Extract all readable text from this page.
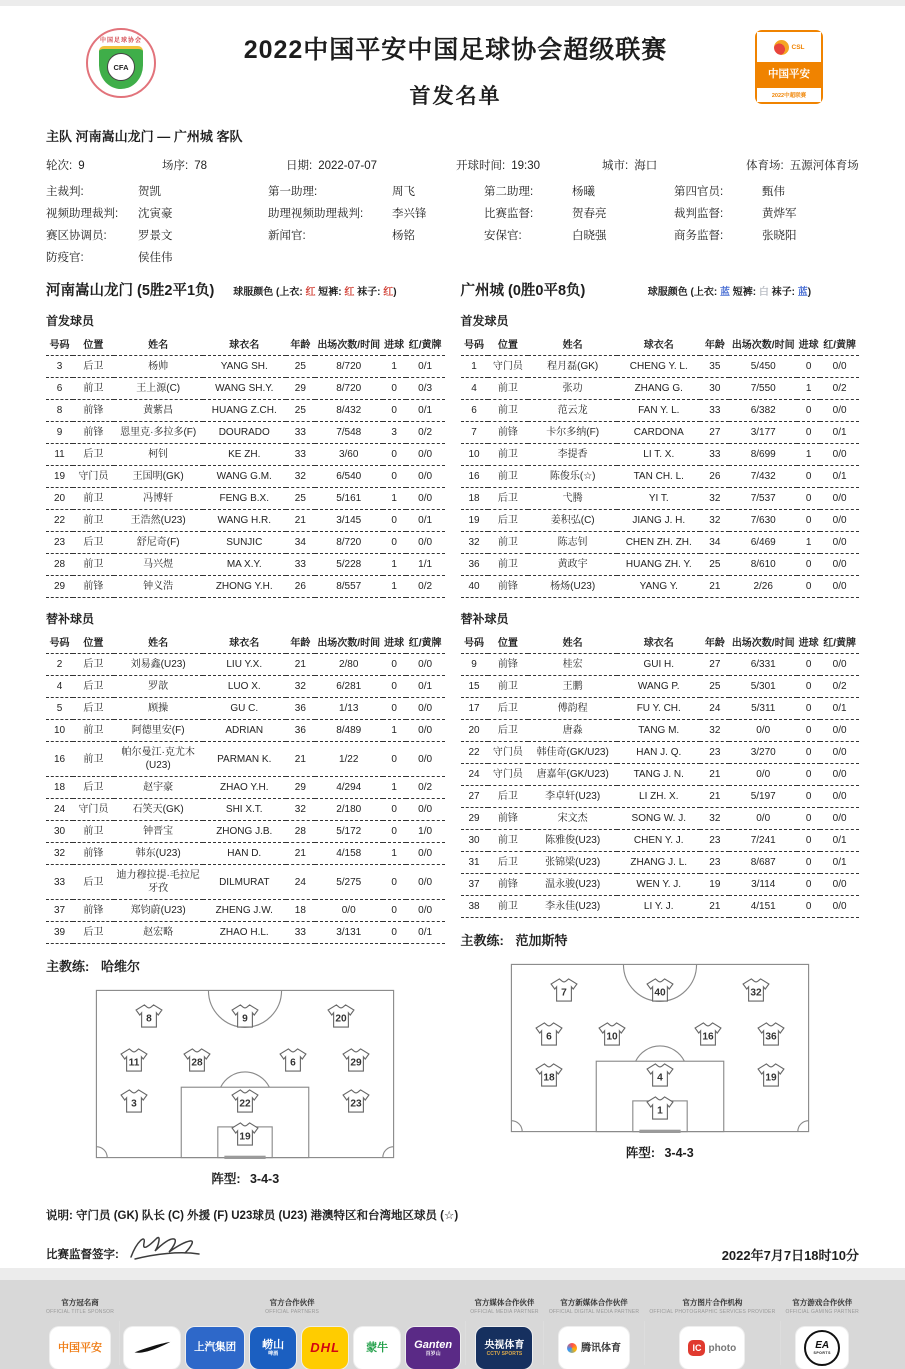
中国足球协会
CFA
2022中国平安中国足球协会超级联赛
首发名单
CSL
中国平安
2022中超联赛
主队 河南嵩山龙门 — 广州城 客队
轮次: 9	场序: 78	日期: 2022-07-07	开球时间: 19:30	城市: 海口	体育场: 五源河体育场
主裁判:	贺凯	第一助理:	周飞	第二助理:	杨曦	第四官员:	甄伟
视频助理裁判:	沈寅豪	助理视频助理裁判:	李兴锋	比赛监督:	贺春亮	裁判监督:	黄烨军
赛区协调员:	罗景文	新闻官:	杨铭	安保官:	白晓强	商务监督:	张晓阳
防疫官:	侯佳伟
河南嵩山龙门 (5胜2平1负)	球服颜色 (上衣: 红 短裤: 红 袜子: 红)
首发球员
号码	位置	姓名	球衣名	年龄	出场次数/时间	进球	红/黄牌
3	后卫	杨帅	YANG SH.	25	8/720	1	0/1
6	前卫	王上源(C)	WANG SH.Y.	29	8/720	0	0/3
8	前锋	黄紫昌	HUANG Z.CH.	25	8/432	0	0/1
9	前锋	恩里克·多拉多(F)	DOURADO	33	7/548	3	0/2
11	后卫	柯钊	KE ZH.	33	3/60	0	0/0
19	守门员	王国明(GK)	WANG G.M.	32	6/540	0	0/0
20	前卫	冯博轩	FENG B.X.	25	5/161	1	0/0
22	前卫	王浩然(U23)	WANG H.R.	21	3/145	0	0/1
23	后卫	舒尼奇(F)	SUNJIC	34	8/720	0	0/0
28	前卫	马兴煜	MA X.Y.	33	5/228	1	1/1
29	前锋	钟义浩	ZHONG Y.H.	26	8/557	1	0/2
替补球员
号码	位置	姓名	球衣名	年龄	出场次数/时间	进球	红/黄牌
2	后卫	刘易鑫(U23)	LIU Y.X.	21	2/80	0	0/0
4	后卫	罗歆	LUO X.	32	6/281	0	0/1
5	后卫	顾操	GU C.	36	1/13	0	0/0
10	前卫	阿德里安(F)	ADRIAN	36	8/489	1	0/0
16	前卫	帕尔曼江·克尤木(U23)	PARMAN K.	21	1/22	0	0/0
18	后卫	赵宇豪	ZHAO Y.H.	29	4/294	1	0/2
24	守门员	石笑天(GK)	SHI X.T.	32	2/180	0	0/0
30	前卫	钟晋宝	ZHONG J.B.	28	5/172	0	1/0
32	前锋	韩东(U23)	HAN D.	21	4/158	1	0/0
33	后卫	迪力穆拉提·毛拉尼牙孜	DILMURAT	24	5/275	0	0/0
37	前锋	郑钧蔚(U23)	ZHENG J.W.	18	0/0	0	0/0
39	后卫	赵宏略	ZHAO H.L.	33	3/131	0	0/1
主教练: 哈维尔
8	9	20
11	28	6	29
3	22	23
19
阵型: 3-4-3
广州城 (0胜0平8负)	球服颜色 (上衣: 蓝 短裤: 白 袜子: 蓝)
首发球员
号码	位置	姓名	球衣名	年龄	出场次数/时间	进球	红/黄牌
1	守门员	程月磊(GK)	CHENG Y. L.	35	5/450	0	0/0
4	前卫	张功	ZHANG G.	30	7/550	1	0/2
6	前卫	范云龙	FAN Y. L.	33	6/382	0	0/0
7	前锋	卡尔多纳(F)	CARDONA	27	3/177	0	0/1
10	前卫	李提香	LI T. X.	33	8/699	1	0/0
16	前卫	陈俊乐(☆)	TAN CH. L.	26	7/432	0	0/1
18	后卫	弋腾	YI T.	32	7/537	0	0/0
19	后卫	姜积弘(C)	JIANG J. H.	32	7/630	0	0/0
32	前卫	陈志钊	CHEN ZH. ZH.	34	6/469	1	0/0
36	前卫	黄政宇	HUANG ZH. Y.	25	8/610	0	0/0
40	前锋	杨炀(U23)	YANG Y.	21	2/26	0	0/0
替补球员
号码	位置	姓名	球衣名	年龄	出场次数/时间	进球	红/黄牌
9	前锋	桂宏	GUI H.	27	6/331	0	0/0
15	前卫	王鹏	WANG P.	25	5/301	0	0/2
17	后卫	傅韵程	FU Y. CH.	24	5/311	0	0/1
20	后卫	唐淼	TANG M.	32	0/0	0	0/0
22	守门员	韩佳奇(GK/U23)	HAN J. Q.	23	3/270	0	0/0
24	守门员	唐嘉年(GK/U23)	TANG J. N.	21	0/0	0	0/0
27	后卫	李卓轩(U23)	LI ZH. X.	21	5/197	0	0/0
29	前锋	宋文杰	SONG W. J.	32	0/0	0	0/0
30	前卫	陈雅俊(U23)	CHEN Y. J.	23	7/241	0	0/1
31	后卫	张锦梁(U23)	ZHANG J. L.	23	8/687	0	0/1
37	前锋	温永骏(U23)	WEN Y. J.	19	3/114	0	0/0
38	前卫	李永佳(U23)	LI Y. J.	21	4/151	0	0/0
主教练: 范加斯特
7	40	32
6	10	16	36
18	4	19
1
阵型: 3-4-3
说明: 守门员 (GK) 队长 (C) 外援 (F) U23球员 (U23) 港澳特区和台湾地区球员 (☆)
比赛监督签字:	2022年7月7日18时10分
官方冠名商
OFFICIAL TITLE SPONSOR
中国平安
官方合作伙伴
OFFICIAL PARTNERS
上汽集团 崂山
啤酒 DHL 蒙牛 Ganten
百岁山
官方媒体合作伙伴
OFFICIAL MEDIA PARTNER
央视体育
CCTV SPORTS
官方新媒体合作伙伴
OFFICIAL DIGITAL MEDIA PARTNER
腾讯体育
官方图片合作机构
OFFICIAL PHOTOGRAPHIC SERVICES PROVIDER
IC photo
官方游戏合作伙伴
OFFICIAL GAMING PARTNER
EA
SPORTS
